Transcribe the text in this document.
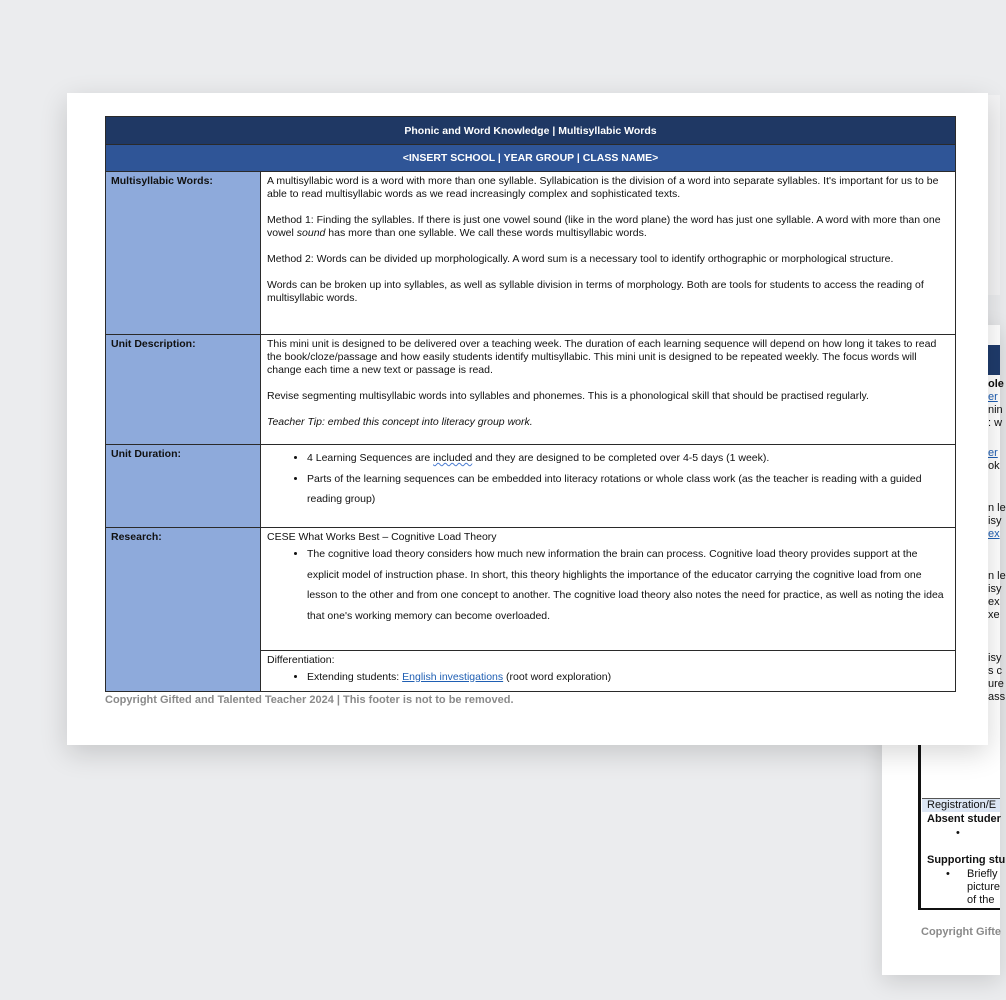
ole
er
nin
: w
er
ok
n le
isy
ex
n le
isy
ex
xe
isy
s c
ure
ass
Registration/E
Absent studer
•
Supporting stu
• Briefly
picture
of the
Copyright Gifte
Phonic and Word Knowledge | Multisyllabic Words
<INSERT SCHOOL | YEAR GROUP | CLASS NAME>
Multisyllabic Words:	A multisyllabic word is a word with more than one syllable. Syllabication is the division of a word into separate syllables. It's important for us to be able to read multisyllabic words as we read increasingly complex and sophisticated texts.

Method 1: Finding the syllables. If there is just one vowel sound (like in the word plane) the word has just one syllable. A word with more than one vowel sound has more than one syllable. We call these words multisyllabic words.

Method 2: Words can be divided up morphologically. A word sum is a necessary tool to identify orthographic or morphological structure.

Words can be broken up into syllables, as well as syllable division in terms of morphology. Both are tools for students to access the reading of multisyllabic words.

Unit Description:	This mini unit is designed to be delivered over a teaching week. The duration of each learning sequence will depend on how long it takes to read the book/cloze/passage and how easily students identify multisyllabic. This mini unit is designed to be repeated weekly. The focus words will change each time a new text or passage is read.

Revise segmenting multisyllabic words into syllables and phonemes. This is a phonological skill that should be practised regularly.

Teacher Tip: embed this concept into literacy group work.

Unit Duration:
•	4 Learning Sequences are included and they are designed to be completed over 4-5 days (1 week).
• Parts of the learning sequences can be embedded into literacy rotations or whole class work (as the teacher is reading with a guided reading group)
Research:	CESE What Works Best – Cognitive Load Theory
• The cognitive load theory considers how much new information the brain can process. Cognitive load theory provides support at the explicit model of instruction phase. In short, this theory highlights the importance of the educator carrying the cognitive load from one lesson to the other and from one concept to another. The cognitive load theory also notes the need for practice, as well as noting the idea that one's working memory can become overloaded.
Differentiation:
• Extending students: English investigations (root word exploration)
Copyright Gifted and Talented Teacher 2024 | This footer is not to be removed.
